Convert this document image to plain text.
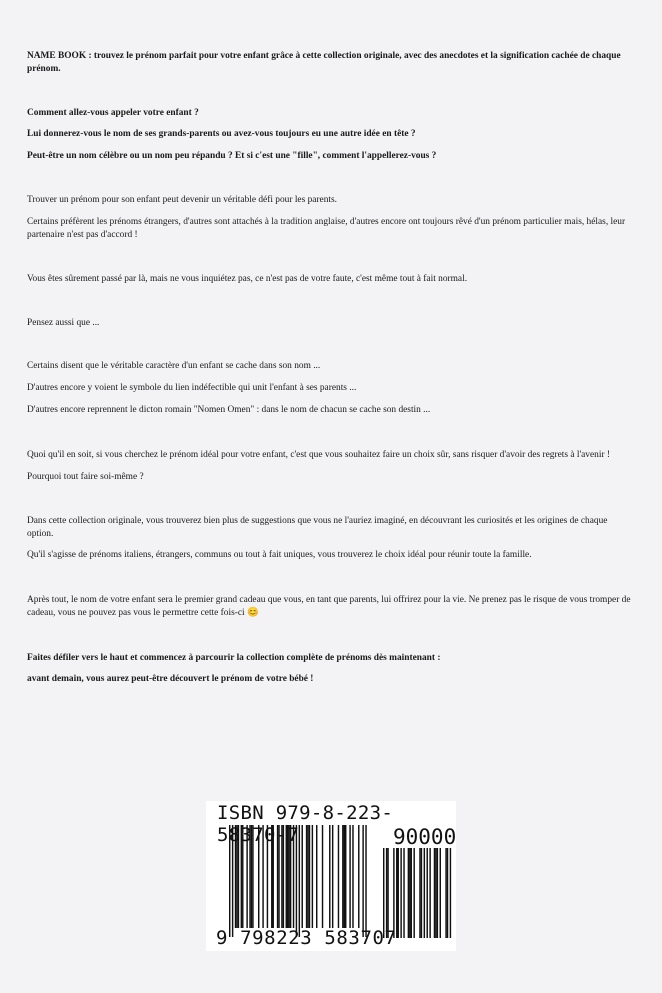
NAME BOOK : trouvez le prénom parfait pour votre enfant grâce à cette collection originale, avec des anecdotes et la signification cachée de chaque prénom.

Comment allez-vous appeler votre enfant ?

Lui donnerez-vous le nom de ses grands-parents ou avez-vous toujours eu une autre idée en tête ?

Peut-être un nom célèbre ou un nom peu répandu ? Et si c'est une "fille", comment l'appellerez-vous ?

Trouver un prénom pour son enfant peut devenir un véritable défi pour les parents.

Certains préfèrent les prénoms étrangers, d'autres sont attachés à la tradition anglaise, d'autres encore ont toujours rêvé d'un prénom particulier mais, hélas, leur partenaire n'est pas d'accord !

Vous êtes sûrement passé par là, mais ne vous inquiétez pas, ce n'est pas de votre faute, c'est même tout à fait normal.

Pensez aussi que ...

Certains disent que le véritable caractère d'un enfant se cache dans son nom ...

D'autres encore y voient le symbole du lien indéfectible qui unit l'enfant à ses parents ...

D'autres encore reprennent le dicton romain "Nomen Omen" : dans le nom de chacun se cache son destin ...

Quoi qu'il en soit, si vous cherchez le prénom idéal pour votre enfant, c'est que vous souhaitez faire un choix sûr, sans risquer d'avoir des regrets à l'avenir !

Pourquoi tout faire soi-même ?

Dans cette collection originale, vous trouverez bien plus de suggestions que vous ne l'auriez imaginé, en découvrant les curiosités et les origines de chaque option.

Qu'il s'agisse de prénoms italiens, étrangers, communs ou tout à fait uniques, vous trouverez le choix idéal pour réunir toute la famille.

Après tout, le nom de votre enfant sera le premier grand cadeau que vous, en tant que parents, lui offrirez pour la vie. Ne prenez pas le risque de vous tromper de cadeau, vous ne pouvez pas vous le permettre cette fois-ci 😊

Faites défiler vers le haut et commencez à parcourir la collection complète de prénoms dès maintenant :

avant demain, vous aurez peut-être découvert le prénom de votre bébé !

ISBN 979-8-223-58370-7	90000
9 798223 583707
